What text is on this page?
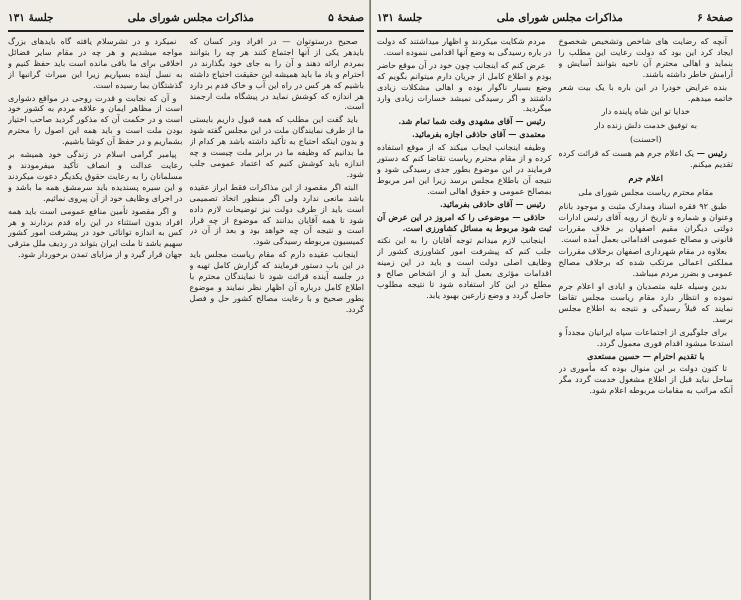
صفحهٔ ۵
مذاکرات مجلس شورای ملی
جلسهٔ ۱۳۱

صحیح درستوتوان — در افراد ودر کسان که بایدهر یکی از آنها اجتماع کنند هر چه را بتوانند بمردم ارائه دهند و آن را به جای خود بگذارند در احترام و یاد ما باید همیشه این حقیقت احتیاج داشته باشیم که هر کس در راه این آب و خاک قدم بر دارد هر اندازه که کوشش نماید در پیشگاه ملت ارجمند است.

باید گفت این مطلب که همه قبول داریم بایستی ما از طرف نمایندگان ملت در این مجلس گفته شود و بدون اینکه احتیاج به تأکید داشته باشد هر کدام از ما بدانیم که وظیفه ما در برابر ملت چیست و چه اندازه باید کوشش کنیم که اعتماد عمومی جلب شود.

البته اگر مقصود از این مذاکرات فقط ابراز عقیده باشد مانعی ندارد ولی اگر منظور اتخاذ تصمیمی است باید از طرف دولت نیز توضیحات لازم داده شود تا همه آقایان بدانند که موضوع از چه قرار است و نتیجه آن چه خواهد بود و بعد از آن در کمیسیون مربوطه رسیدگی شود.

اینجانب عقیده دارم که مقام ریاست مجلس باید در این باب دستور فرمایند که گزارش کامل تهیه و در جلسه آینده قرائت شود تا نمایندگان محترم با اطلاع کامل درباره آن اظهار نظر نمایند و موضوع بطور صحیح و با رعایت مصالح کشور حل و فصل گردد.

نمیکرد و در تشرسلام یافته گاه بایدهای بزرگ مواجه میشدیم و هر چه در مقام سایر فضائل اخلاقی برای ما باقی مانده است باید حفظ کنیم و به نسل آینده بسپاریم زیرا این میراث گرانبها از گذشتگان بما رسیده است.

و آن که نجابت و قدرت روحی در مواقع دشواری است از مظاهر ایمان و علاقه مردم به کشور خود است و در حکمت آن که مذکور گردید صاحب اختیار بودن ملت است و باید همه این اصول را محترم بشماریم و در حفظ آن کوشا باشیم.

پیامبر گرامی اسلام در زندگی خود همیشه بر رعایت عدالت و انصاف تأکید میفرمودند و مسلمانان را به رعایت حقوق یکدیگر دعوت میکردند و این سیره پسندیده باید سرمشق همه ما باشد و در اجرای وظایف خود از آن پیروی نمائیم.

و اگر مقصود تأمین منافع عمومی است باید همه افراد بدون استثناء در این راه قدم بردارند و هر کس به اندازه توانائی خود در پیشرفت امور کشور سهیم باشد تا ملت ایران بتواند در ردیف ملل مترقی جهان قرار گیرد و از مزایای تمدن برخوردار شود.

صفحهٔ ۶
مذاکرات مجلس شورای ملی
جلسهٔ ۱۳۱

آنچه که رضایت های شاخص وتشخیص شخصوخ ایجاد کرد این بود که دولت رعایت این مطلب را بنماید و اهالی محترم آن ناحیه بتوانند آسایش و آرامش خاطر داشته باشند.

بنده عرایض خودرا در این باره با یک بیت شعر خاتمه میدهم.

خدایا تو این شاه پاینده دار
به توفیق خدمت دلش زنده دار
(احسنت)

رئیس — یک اعلام جرم هم هست که قرائت کرده تقدیم میکنم.

اعلام جرم
مقام محترم ریاست مجلس شورای ملی

طبق ۹۲ فقره اسناد ومدارک مثبت و موجود بانام وعنوان و شماره و تاریخ از رویه آقای رئیس ادارات دولتی دیگران مقیم اصفهان بر خلاف مقررات قانونی و مصالح عمومی اقداماتی بعمل آمده است.

بعلاوه در مقام شهرداری اصفهان برخلاف مقررات مملکتی اعمالی مرتکب شده که برخلاف مصالح عمومی و بضرر مردم میباشد.

بدین وسیله علیه متصدیان و ایادی او اعلام جرم نموده و انتظار دارد مقام ریاست مجلس تقاضا نمایند که قبلاً رسیدگی و نتیجه به اطلاع مجلس برسد.

برای جلوگیری از اجتماعات سپاه ایرانیان مجدداً و استدعا میشود اقدام فوری معمول گردد.

با تقدیم احترام — حسین مستعدی

تا کنون دولت بر این منوال بوده که مأموری در ساحل نباید قبل از اطلاع مشغول خدمت گردد مگر آنکه مراتب به مقامات مربوطه اعلام شود.

مردم شکایت میکردند و اظهار میداشتند که دولت در باره رسیدگی به وضع آنها اقدامی ننموده است.

عرض کنم که اینجانب چون خود در آن موقع حاضر بودم و اطلاع کامل از جریان دارم میتوانم بگویم که وضع بسیار ناگوار بوده و اهالی مشکلات زیادی داشتند و اگر رسیدگی نمیشد خسارات زیادی وارد میگردید.

رئیس — آقای مشهدی وقت شما تمام شد.

معتمدی — آقای حاذقی اجازه بفرمائید.

وظیفه اینجانب ایجاب میکند که از موقع استفاده کرده و از مقام محترم ریاست تقاضا کنم که دستور فرمایند در این موضوع بطور جدی رسیدگی شود و نتیجه آن باطلاع مجلس برسد زیرا این امر مربوط بمصالح عمومی و حقوق اهالی است.

رئیس — آقای حاذقی بفرمائید.

حاذقی — موضوعی را که امروز در این عرض آن ثبت شود مربوط به مسائل کشاورزی است.

اینجانب لازم میدانم توجه آقایان را به این نکته جلب کنم که پیشرفت امور کشاورزی کشور از وظایف اصلی دولت است و باید در این زمینه اقدامات مؤثری بعمل آید و از اشخاص صالح و مطلع در این کار استفاده شود تا نتیجه مطلوب حاصل گردد و وضع زارعین بهبود یابد.
